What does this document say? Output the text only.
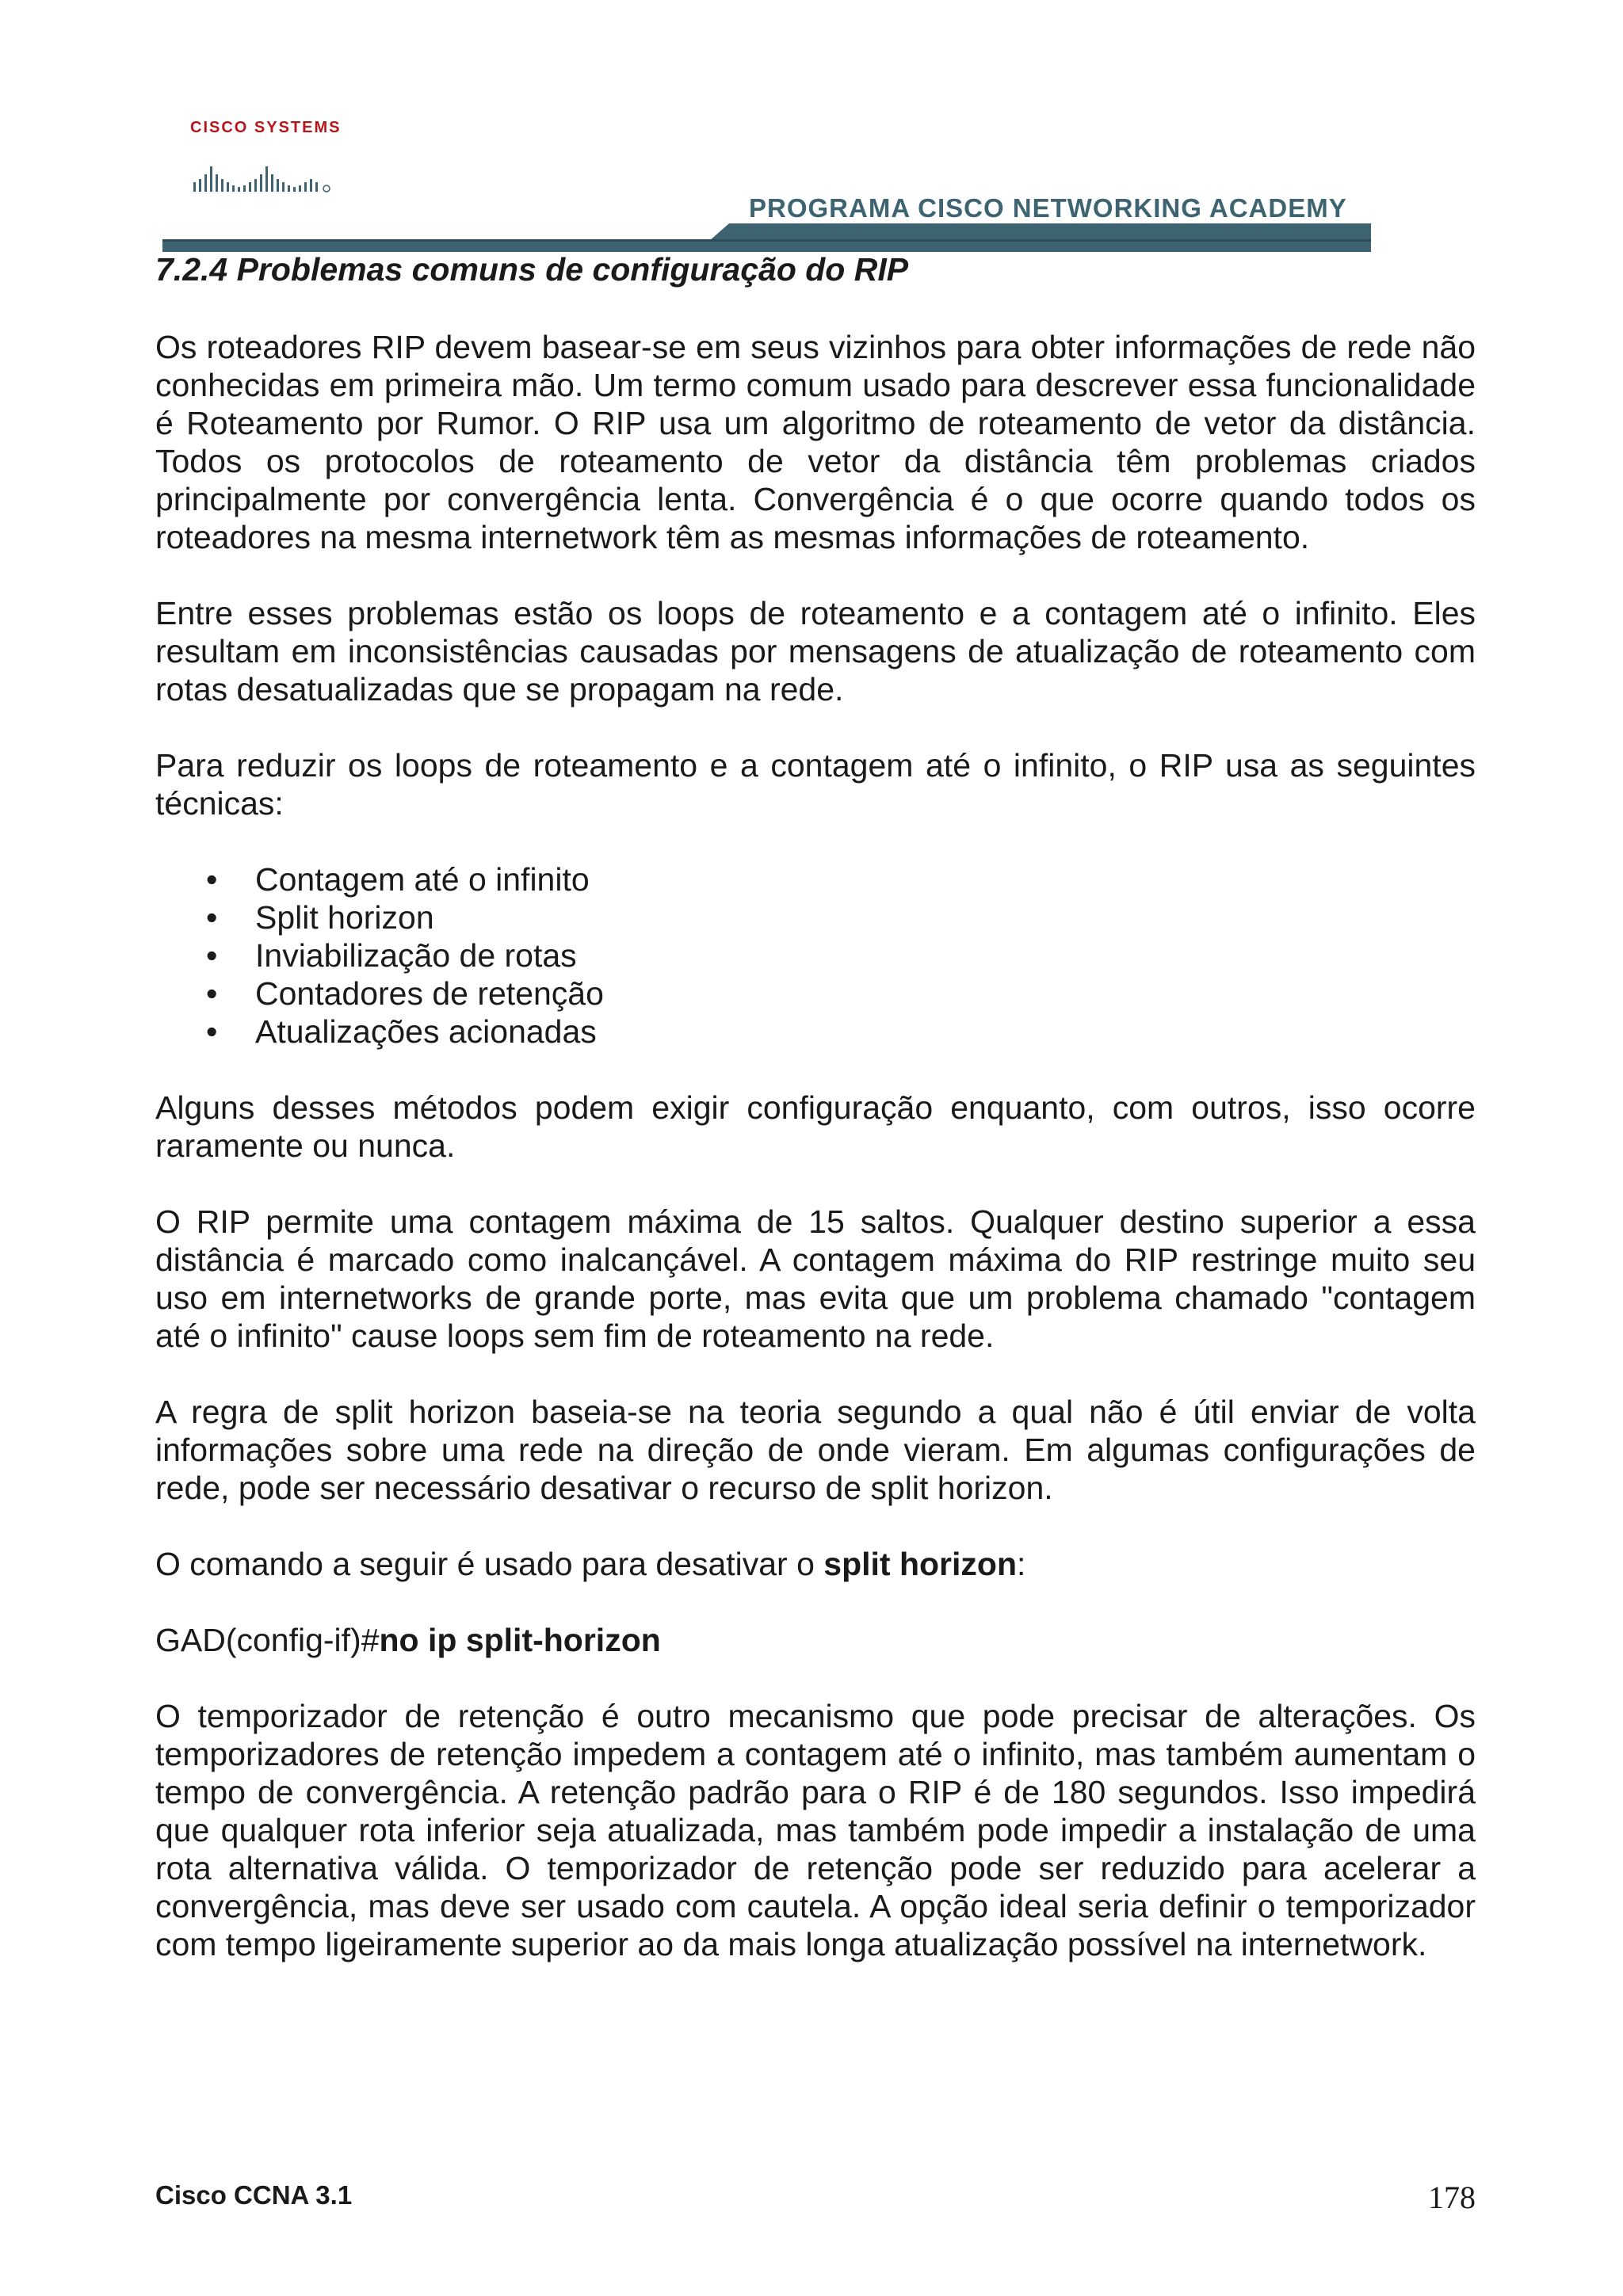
CISCO SYSTEMS
PROGRAMA CISCO NETWORKING ACADEMY
7.2.4 Problemas comuns de configuração do RIP

Os roteadores RIP devem basear-se em seus vizinhos para obter informações de rede não conhecidas em primeira mão. Um termo comum usado para descrever essa funcionalidade é Roteamento por Rumor. O RIP usa um algoritmo de roteamento de vetor da distância. Todos os protocolos de roteamento de vetor da distância têm problemas criados principalmente por convergência lenta. Convergência é o que ocorre quando todos os roteadores na mesma internetwork têm as mesmas informações de roteamento.

Entre esses problemas estão os loops de roteamento e a contagem até o infinito. Eles resultam em inconsistências causadas por mensagens de atualização de roteamento com rotas desatualizadas que se propagam na rede.

Para reduzir os loops de roteamento e a contagem até o infinito, o RIP usa as seguintes técnicas:

• Contagem até o infinito
• Split horizon
• Inviabilização de rotas
• Contadores de retenção
• Atualizações acionadas

Alguns desses métodos podem exigir configuração enquanto, com outros, isso ocorre raramente ou nunca.

O RIP permite uma contagem máxima de 15 saltos. Qualquer destino superior a essa distância é marcado como inalcançável. A contagem máxima do RIP restringe muito seu uso em internetworks de grande porte, mas evita que um problema chamado "contagem até o infinito" cause loops sem fim de roteamento na rede.

A regra de split horizon baseia-se na teoria segundo a qual não é útil enviar de volta informações sobre uma rede na direção de onde vieram. Em algumas configurações de rede, pode ser necessário desativar o recurso de split horizon.

O comando a seguir é usado para desativar o split horizon:

GAD(config-if)#no ip split-horizon

O temporizador de retenção é outro mecanismo que pode precisar de alterações. Os temporizadores de retenção impedem a contagem até o infinito, mas também aumentam o tempo de convergência. A retenção padrão para o RIP é de 180 segundos. Isso impedirá que qualquer rota inferior seja atualizada, mas também pode impedir a instalação de uma rota alternativa válida. O temporizador de retenção pode ser reduzido para acelerar a convergência, mas deve ser usado com cautela. A opção ideal seria definir o temporizador com tempo ligeiramente superior ao da mais longa atualização possível na internetwork.

Cisco CCNA 3.1	178
